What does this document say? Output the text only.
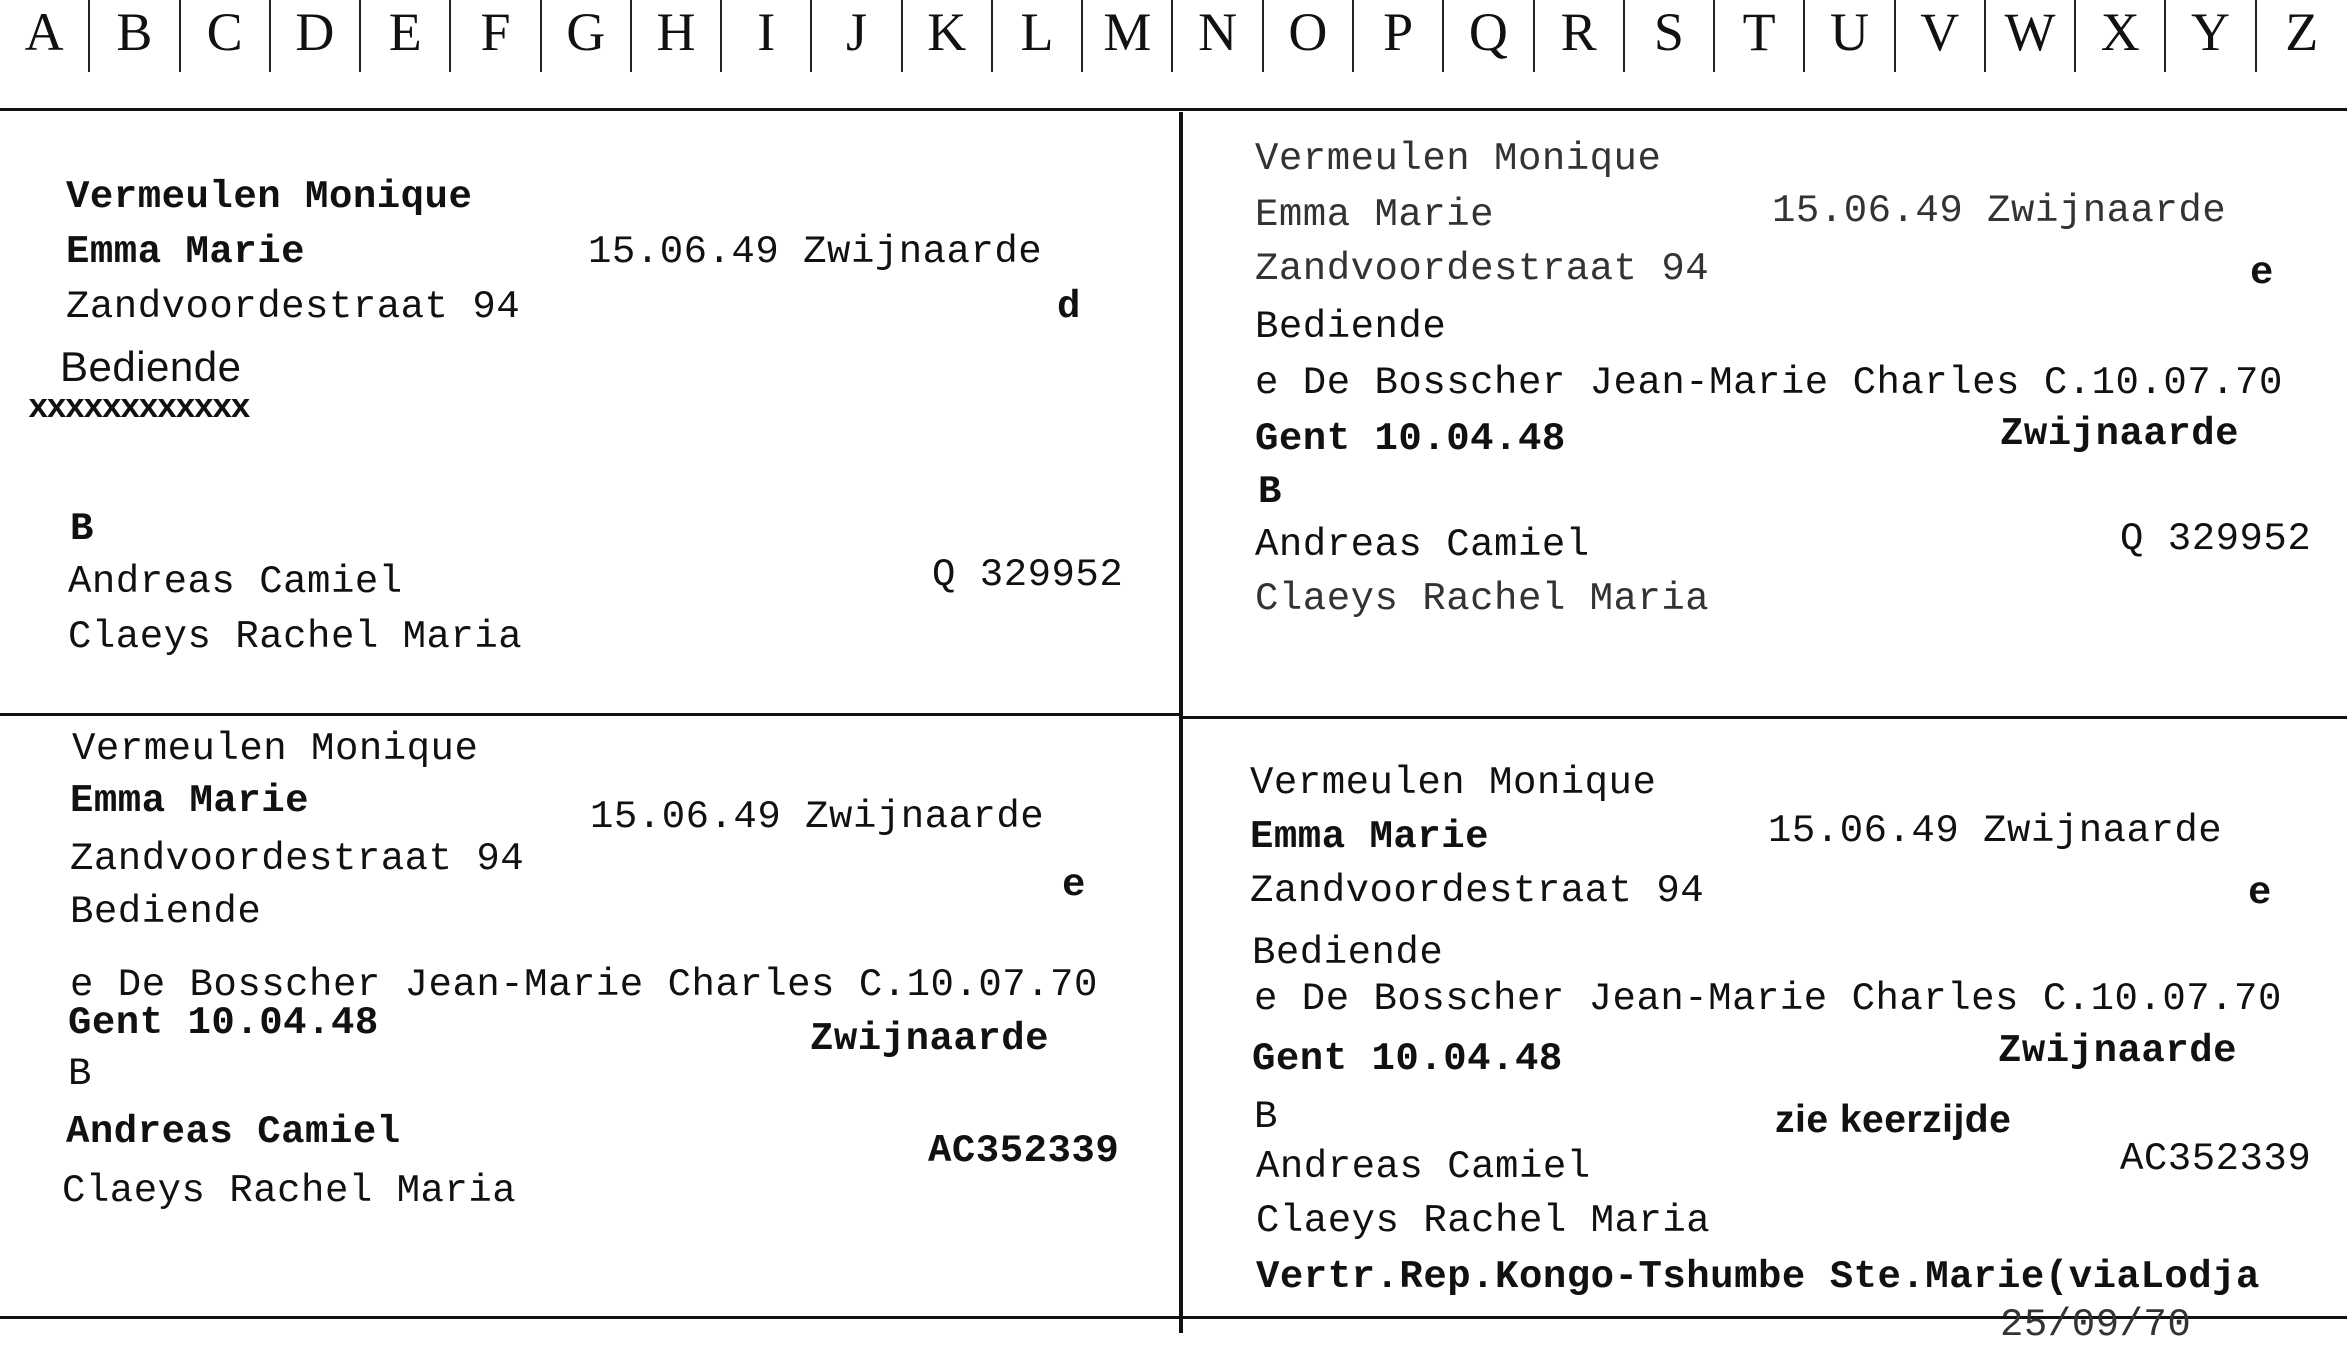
A B	C D	E	F	G H	I	J	K	L M N O	P	Q R	S	T	U V W X Y	Z
Vermeulen Monique
Emma Marie	15.06.49 Zwijnaarde
Zandvoordestraat 94	d
Bediende
xxxxxxxxxxxx
B
Andreas Camiel	Q 329952
Claeys Rachel Maria
Vermeulen Monique
Emma Marie	15.06.49 Zwijnaarde
Zandvoordestraat 94	e
Bediende
e De Bosscher Jean-Marie Charles C.10.07.70
Gent 10.04.48	Zwijnaarde
B
Andreas Camiel	Q 329952
Claeys Rachel Maria
Vermeulen Monique
Emma Marie	15.06.49 Zwijnaarde
Zandvoordestraat 94
e
Bediende
e De Bosscher Jean-Marie Charles C.10.07.70
Gent 10.04.48	Zwijnaarde
B
Andreas Camiel	AC352339
Claeys Rachel Maria
Vermeulen Monique
Emma Marie	15.06.49 Zwijnaarde
Zandvoordestraat 94	e
Bediende
e De Bosscher Jean-Marie Charles C.10.07.70
Gent 10.04.48	Zwijnaarde
B	zie keerzijde
Andreas Camiel	AC352339
Claeys Rachel Maria
Vertr.Rep.Kongo-Tshumbe Ste.Marie(viaLodja
25/09/70
